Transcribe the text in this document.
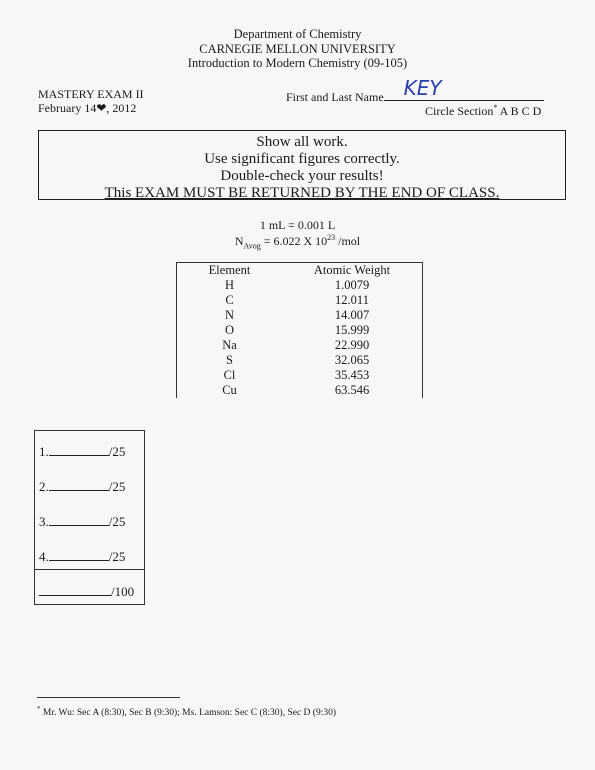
Department of Chemistry
CARNEGIE MELLON UNIVERSITY
Introduction to Modern Chemistry (09-105)
MASTERY EXAM II
February 14❤, 2012
First and Last Name KEY
Circle Section* A B C D
Show all work.
Use significant figures correctly.
Double-check your results!
This EXAM MUST BE RETURNED BY THE END OF CLASS.
1 mL = 0.001 L
$N_{Avog} = 6.022$ X $10^{23}$ /mol
Element	Atomic Weight
H	1.0079
C	12.011
N	14.007
O	15.999
Na	22.990
S	32.065
Cl	35.453
Cu	63.546
1.	/25
2.	/25
3.	/25
4.	/25
/100
* Mr. Wu: Sec A (8:30), Sec B (9:30); Ms. Lamson: Sec C (8:30), Sec D (9:30)
